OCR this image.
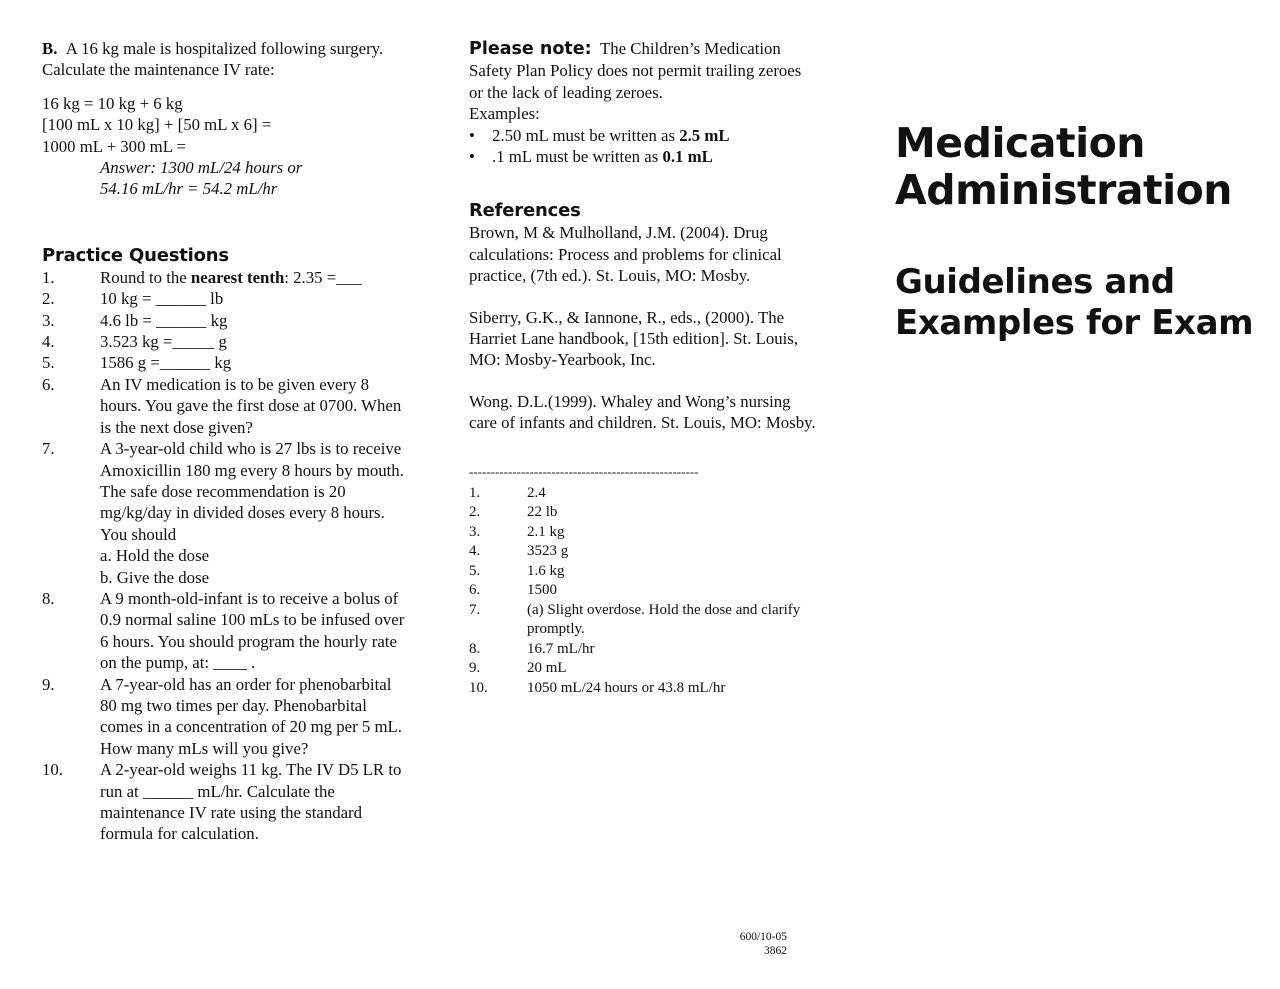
B. A 16 kg male is hospitalized following surgery. Calculate the maintenance IV rate:

16 kg = 10 kg + 6 kg

[100 mL x 10 kg] + [50 mL x 6] =

1000 mL + 300 mL =

Answer: 1300 mL/24 hours or

54.16 mL/hr = 54.2 mL/hr

Practice Questions

1.	Round to the nearest tenth: 2.35 =___
2.	10 kg = ______ lb
3.	4.6 lb = ______ kg
4.	3.523 kg =_____ g
5.	1586 g =______ kg
6.	An IV medication is to be given every 8 hours. You gave the first dose at 0700. When is the next dose given?
7.	A 3-year-old child who is 27 lbs is to receive Amoxicillin 180 mg every 8 hours by mouth. The safe dose recommendation is 20 mg/kg/day in divided doses every 8 hours. You should
a. Hold the dose
b. Give the dose
8.	A 9 month-old-infant is to receive a bolus of 0.9 normal saline 100 mLs to be infused over 6 hours. You should program the hourly rate on the pump, at: ____ .
9.	A 7-year-old has an order for phenobarbital 80 mg two times per day. Phenobarbital comes in a concentration of 20 mg per 5 mL. How many mLs will you give?
10.	A 2-year-old weighs 11 kg. The IV D5 LR to run at ______ mL/hr. Calculate the maintenance IV rate using the standard formula for calculation.

Please note: The Children’s Medication Safety Plan Policy does not permit trailing zeroes or the lack of leading zeroes.

Examples:

•	2.50 mL must be written as 2.5 mL
•	.1 mL must be written as 0.1 mL

References

Brown, M & Mulholland, J.M. (2004). Drug calculations: Process and problems for clinical practice, (7th ed.). St. Louis, MO: Mosby.

Siberry, G.K., & Iannone, R., eds., (2000). The Harriet Lane handbook, [15th edition]. St. Louis, MO: Mosby-Yearbook, Inc.

Wong. D.L.(1999). Whaley and Wong’s nursing care of infants and children. St. Louis, MO: Mosby.

-----------------------------------------------------

1.	2.4
2.	22 lb
3.	2.1 kg
4.	3523 g
5.	1.6 kg
6.	1500
7.	(a) Slight overdose. Hold the dose and clarify promptly.
8.	16.7 mL/hr
9.	20 mL
10.	1050 mL/24 hours or 43.8 mL/hr
600/10-05
3862

Medication

Administration

Guidelines and

Examples for Exam
